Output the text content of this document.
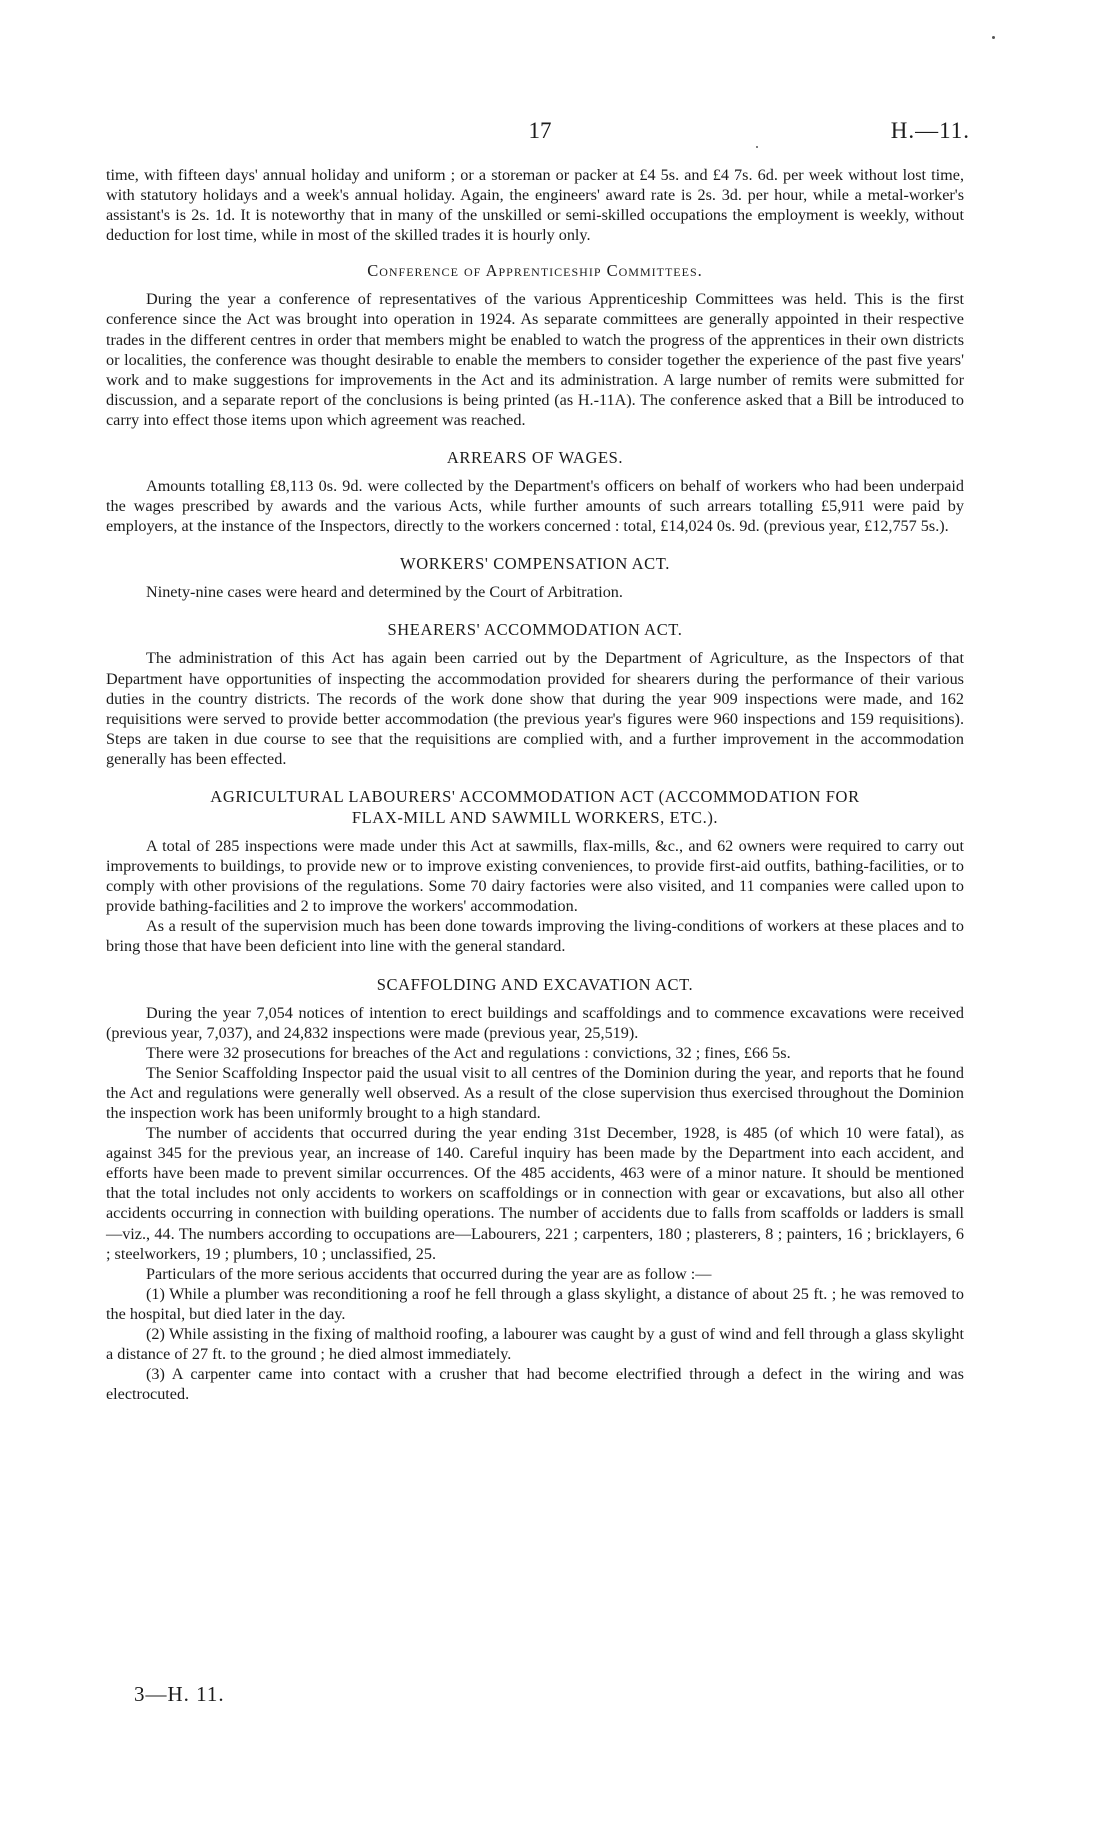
17	H.—11.

time, with fifteen days' annual holiday and uniform ; or a storeman or packer at £4 5s. and £4 7s. 6d. per week without lost time, with statutory holidays and a week's annual holiday. Again, the engineers' award rate is 2s. 3d. per hour, while a metal-worker's assistant's is 2s. 1d. It is noteworthy that in many of the unskilled or semi-skilled occupations the employment is weekly, without deduction for lost time, while in most of the skilled trades it is hourly only.

Conference of Apprenticeship Committees.

During the year a conference of representatives of the various Apprenticeship Committees was held. This is the first conference since the Act was brought into operation in 1924. As separate committees are generally appointed in their respective trades in the different centres in order that members might be enabled to watch the progress of the apprentices in their own districts or localities, the conference was thought desirable to enable the members to consider together the experience of the past five years' work and to make suggestions for improvements in the Act and its administration. A large number of remits were submitted for discussion, and a separate report of the conclusions is being printed (as H.-11A). The conference asked that a Bill be introduced to carry into effect those items upon which agreement was reached.

ARREARS OF WAGES.

Amounts totalling £8,113 0s. 9d. were collected by the Department's officers on behalf of workers who had been underpaid the wages prescribed by awards and the various Acts, while further amounts of such arrears totalling £5,911 were paid by employers, at the instance of the Inspectors, directly to the workers concerned : total, £14,024 0s. 9d. (previous year, £12,757 5s.).

WORKERS' COMPENSATION ACT.

Ninety-nine cases were heard and determined by the Court of Arbitration.

SHEARERS' ACCOMMODATION ACT.

The administration of this Act has again been carried out by the Department of Agriculture, as the Inspectors of that Department have opportunities of inspecting the accommodation provided for shearers during the performance of their various duties in the country districts. The records of the work done show that during the year 909 inspections were made, and 162 requisitions were served to provide better accommodation (the previous year's figures were 960 inspections and 159 requisitions). Steps are taken in due course to see that the requisitions are complied with, and a further improvement in the accommodation generally has been effected.

AGRICULTURAL LABOURERS' ACCOMMODATION ACT (ACCOMMODATION FOR
FLAX-MILL AND SAWMILL WORKERS, ETC.).

A total of 285 inspections were made under this Act at sawmills, flax-mills, &c., and 62 owners were required to carry out improvements to buildings, to provide new or to improve existing conveniences, to provide first-aid outfits, bathing-facilities, or to comply with other provisions of the regulations. Some 70 dairy factories were also visited, and 11 companies were called upon to provide bathing-facilities and 2 to improve the workers' accommodation.

As a result of the supervision much has been done towards improving the living-conditions of workers at these places and to bring those that have been deficient into line with the general standard.

SCAFFOLDING AND EXCAVATION ACT.

During the year 7,054 notices of intention to erect buildings and scaffoldings and to commence excavations were received (previous year, 7,037), and 24,832 inspections were made (previous year, 25,519).

There were 32 prosecutions for breaches of the Act and regulations : convictions, 32 ; fines, £66 5s.

The Senior Scaffolding Inspector paid the usual visit to all centres of the Dominion during the year, and reports that he found the Act and regulations were generally well observed. As a result of the close supervision thus exercised throughout the Dominion the inspection work has been uniformly brought to a high standard.

The number of accidents that occurred during the year ending 31st December, 1928, is 485 (of which 10 were fatal), as against 345 for the previous year, an increase of 140. Careful inquiry has been made by the Department into each accident, and efforts have been made to prevent similar occurrences. Of the 485 accidents, 463 were of a minor nature. It should be mentioned that the total includes not only accidents to workers on scaffoldings or in connection with gear or excavations, but also all other accidents occurring in connection with building operations. The number of accidents due to falls from scaffolds or ladders is small—viz., 44. The numbers according to occupations are—Labourers, 221 ; carpenters, 180 ; plasterers, 8 ; painters, 16 ; bricklayers, 6 ; steelworkers, 19 ; plumbers, 10 ; unclassified, 25.

Particulars of the more serious accidents that occurred during the year are as follow :—

(1) While a plumber was reconditioning a roof he fell through a glass skylight, a distance of about 25 ft. ; he was removed to the hospital, but died later in the day.

(2) While assisting in the fixing of malthoid roofing, a labourer was caught by a gust of wind and fell through a glass skylight a distance of 27 ft. to the ground ; he died almost immediately.

(3) A carpenter came into contact with a crusher that had become electrified through a defect in the wiring and was electrocuted.

3—H. 11.
